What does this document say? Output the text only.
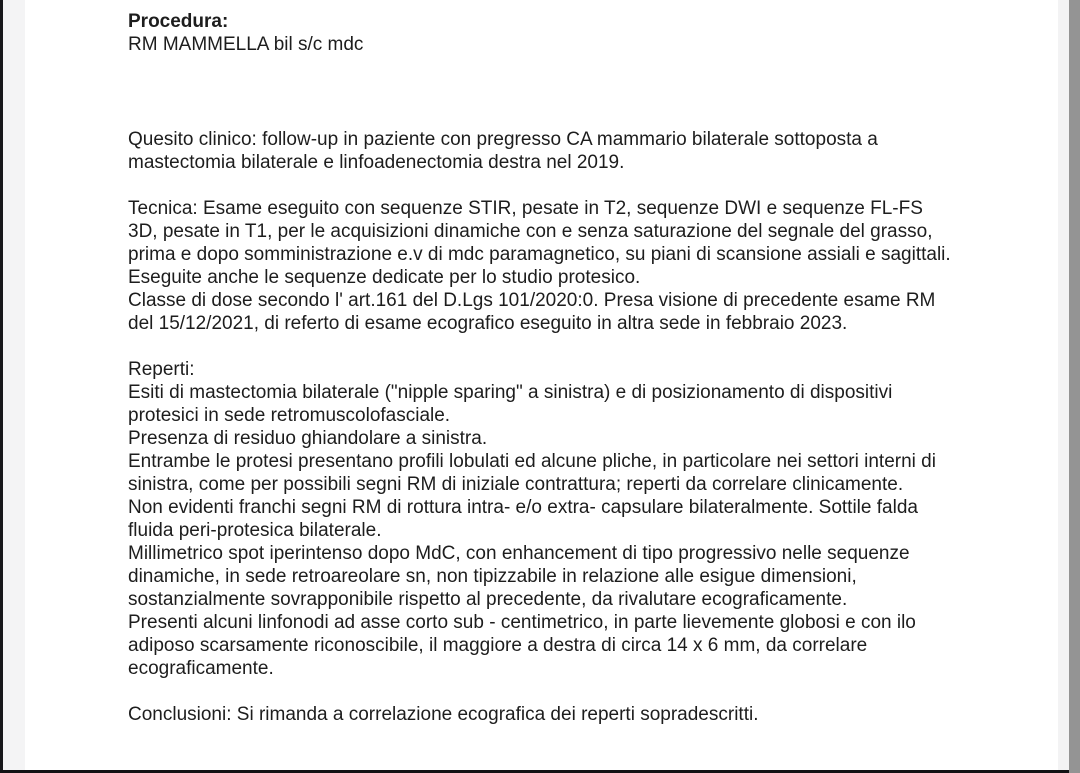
Procedura:
RM MAMMELLA bil s/c mdc
Quesito clinico: follow-up in paziente con pregresso CA mammario bilaterale sottoposta a
mastectomia bilaterale e linfoadenectomia destra nel 2019.
Tecnica: Esame eseguito con sequenze STIR, pesate in T2, sequenze DWI e sequenze FL-FS
3D, pesate in T1, per le acquisizioni dinamiche con e senza saturazione del segnale del grasso,
prima e dopo somministrazione e.v di mdc paramagnetico, su piani di scansione assiali e sagittali.
Eseguite anche le sequenze dedicate per lo studio protesico.
Classe di dose secondo l' art.161 del D.Lgs 101/2020:0. Presa visione di precedente esame RM
del 15/12/2021, di referto di esame ecografico eseguito in altra sede in febbraio 2023.
Reperti:
Esiti di mastectomia bilaterale ("nipple sparing" a sinistra) e di posizionamento di dispositivi
protesici in sede retromuscolofasciale.
Presenza di residuo ghiandolare a sinistra.
Entrambe le protesi presentano profili lobulati ed alcune pliche, in particolare nei settori interni di
sinistra, come per possibili segni RM di iniziale contrattura; reperti da correlare clinicamente.
Non evidenti franchi segni RM di rottura intra- e/o extra- capsulare bilateralmente. Sottile falda
fluida peri-protesica bilaterale.
Millimetrico spot iperintenso dopo MdC, con enhancement di tipo progressivo nelle sequenze
dinamiche, in sede retroareolare sn, non tipizzabile in relazione alle esigue dimensioni,
sostanzialmente sovrapponibile rispetto al precedente, da rivalutare ecograficamente.
Presenti alcuni linfonodi ad asse corto sub - centimetrico, in parte lievemente globosi e con ilo
adiposo scarsamente riconoscibile, il maggiore a destra di circa 14 x 6 mm, da correlare
ecograficamente.
Conclusioni: Si rimanda a correlazione ecografica dei reperti sopradescritti.
